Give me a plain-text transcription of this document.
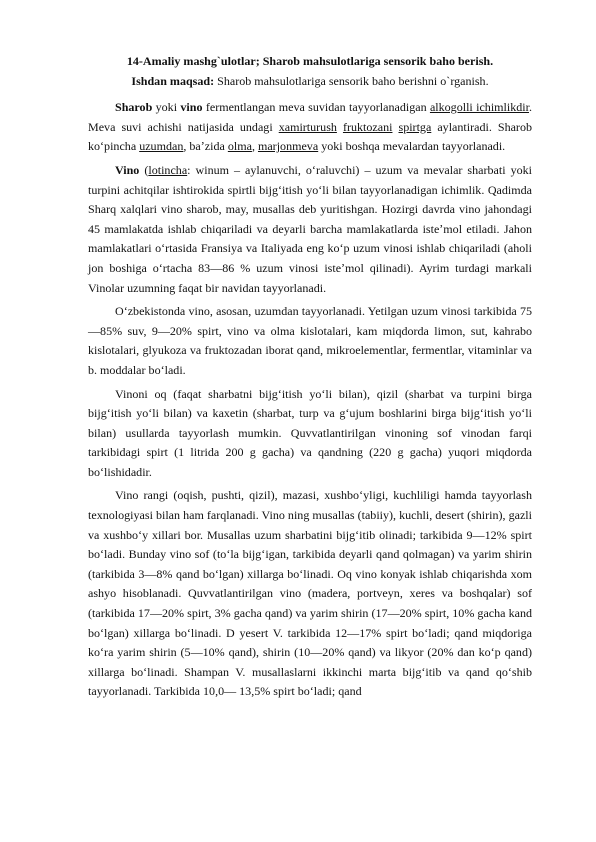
14-Amaliy mashg`ulotlar; Sharob mahsulotlariga sensorik baho berish.

Ishdan maqsad: Sharob mahsulotlariga sensorik baho berishni o`rganish.

Sharob yoki vino fermentlangan meva suvidan tayyorlanadigan alkogolli ichimlikdir. Meva suvi achishi natijasida undagi xamirturush fruktozani spirtga aylantiradi. Sharob koʻpincha uzumdan, baʼzida olma, marjonmeva yoki boshqa mevalardan tayyorlanadi.

Vino (lotincha: winum – aylanuvchi, oʻraluvchi) – uzum va mevalar sharbati yoki turpini achitqilar ishtirokida spirtli bijgʻitish yoʻli bilan tayyorlanadigan ichimlik. Qadimda Sharq xalqlari vino sharob, may, musallas deb yuritishgan. Hozirgi davrda vino jahondagi 45 mamlakatda ishlab chiqariladi va deyarli barcha mamlakatlarda isteʼmol etiladi. Jahon mamlakatlari oʻrtasida Fransiya va Italiyada eng koʻp uzum vinosi ishlab chiqariladi (aholi jon boshiga oʻrtacha 83—86 % uzum vinosi isteʼmol qilinadi). Ayrim turdagi markali Vinolar uzumning faqat bir navidan tayyorlanadi.

Oʻzbekistonda vino, asosan, uzumdan tayyorlanadi. Yetilgan uzum vinosi tarkibida 75—85% suv, 9—20% spirt, vino va olma kislotalari, kam miqdorda limon, sut, kahrabo kislotalari, glyukoza va fruktozadan iborat qand, mikroelementlar, fermentlar, vitaminlar va b. moddalar boʻladi.

Vinoni oq (faqat sharbatni bijgʻitish yoʻli bilan), qizil (sharbat va turpini birga bijgʻitish yoʻli bilan) va kaxetin (sharbat, turp va gʻujum boshlarini birga bijgʻitish yoʻli bilan) usullarda tayyorlash mumkin. Quvvatlantirilgan vinoning sof vinodan farqi tarkibidagi spirt (1 litrida 200 g gacha) va qandning (220 g gacha) yuqori miqdorda boʻlishidadir.

Vino rangi (oqish, pushti, qizil), mazasi, xushboʻyligi, kuchliligi hamda tayyorlash texnologiyasi bilan ham farqlanadi. Vino ning musallas (tabiiy), kuchli, desert (shirin), gazli va xushboʻy xillari bor. Musallas uzum sharbatini bijgʻitib olinadi; tarkibida 9—12% spirt boʻladi. Bunday vino sof (toʻla bijgʻigan, tarkibida deyarli qand qolmagan) va yarim shirin (tarkibida 3—8% qand boʻlgan) xillarga boʻlinadi. Oq vino konyak ishlab chiqarishda xom ashyo hisoblanadi. Quvvatlantirilgan vino (madera, portveyn, xeres va boshqalar) sof (tarkibida 17—20% spirt, 3% gacha qand) va yarim shirin (17—20% spirt, 10% gacha kand boʻlgan) xillarga boʻlinadi. D yesert V. tarkibida 12—17% spirt boʻladi; qand miqdoriga koʻra yarim shirin (5—10% qand), shirin (10—20% qand) va likyor (20% dan koʻp qand) xillarga boʻlinadi. Shampan V. musallaslarni ikkinchi marta bijgʻitib va qand qoʻshib tayyorlanadi. Tarkibida 10,0— 13,5% spirt boʻladi; qand
